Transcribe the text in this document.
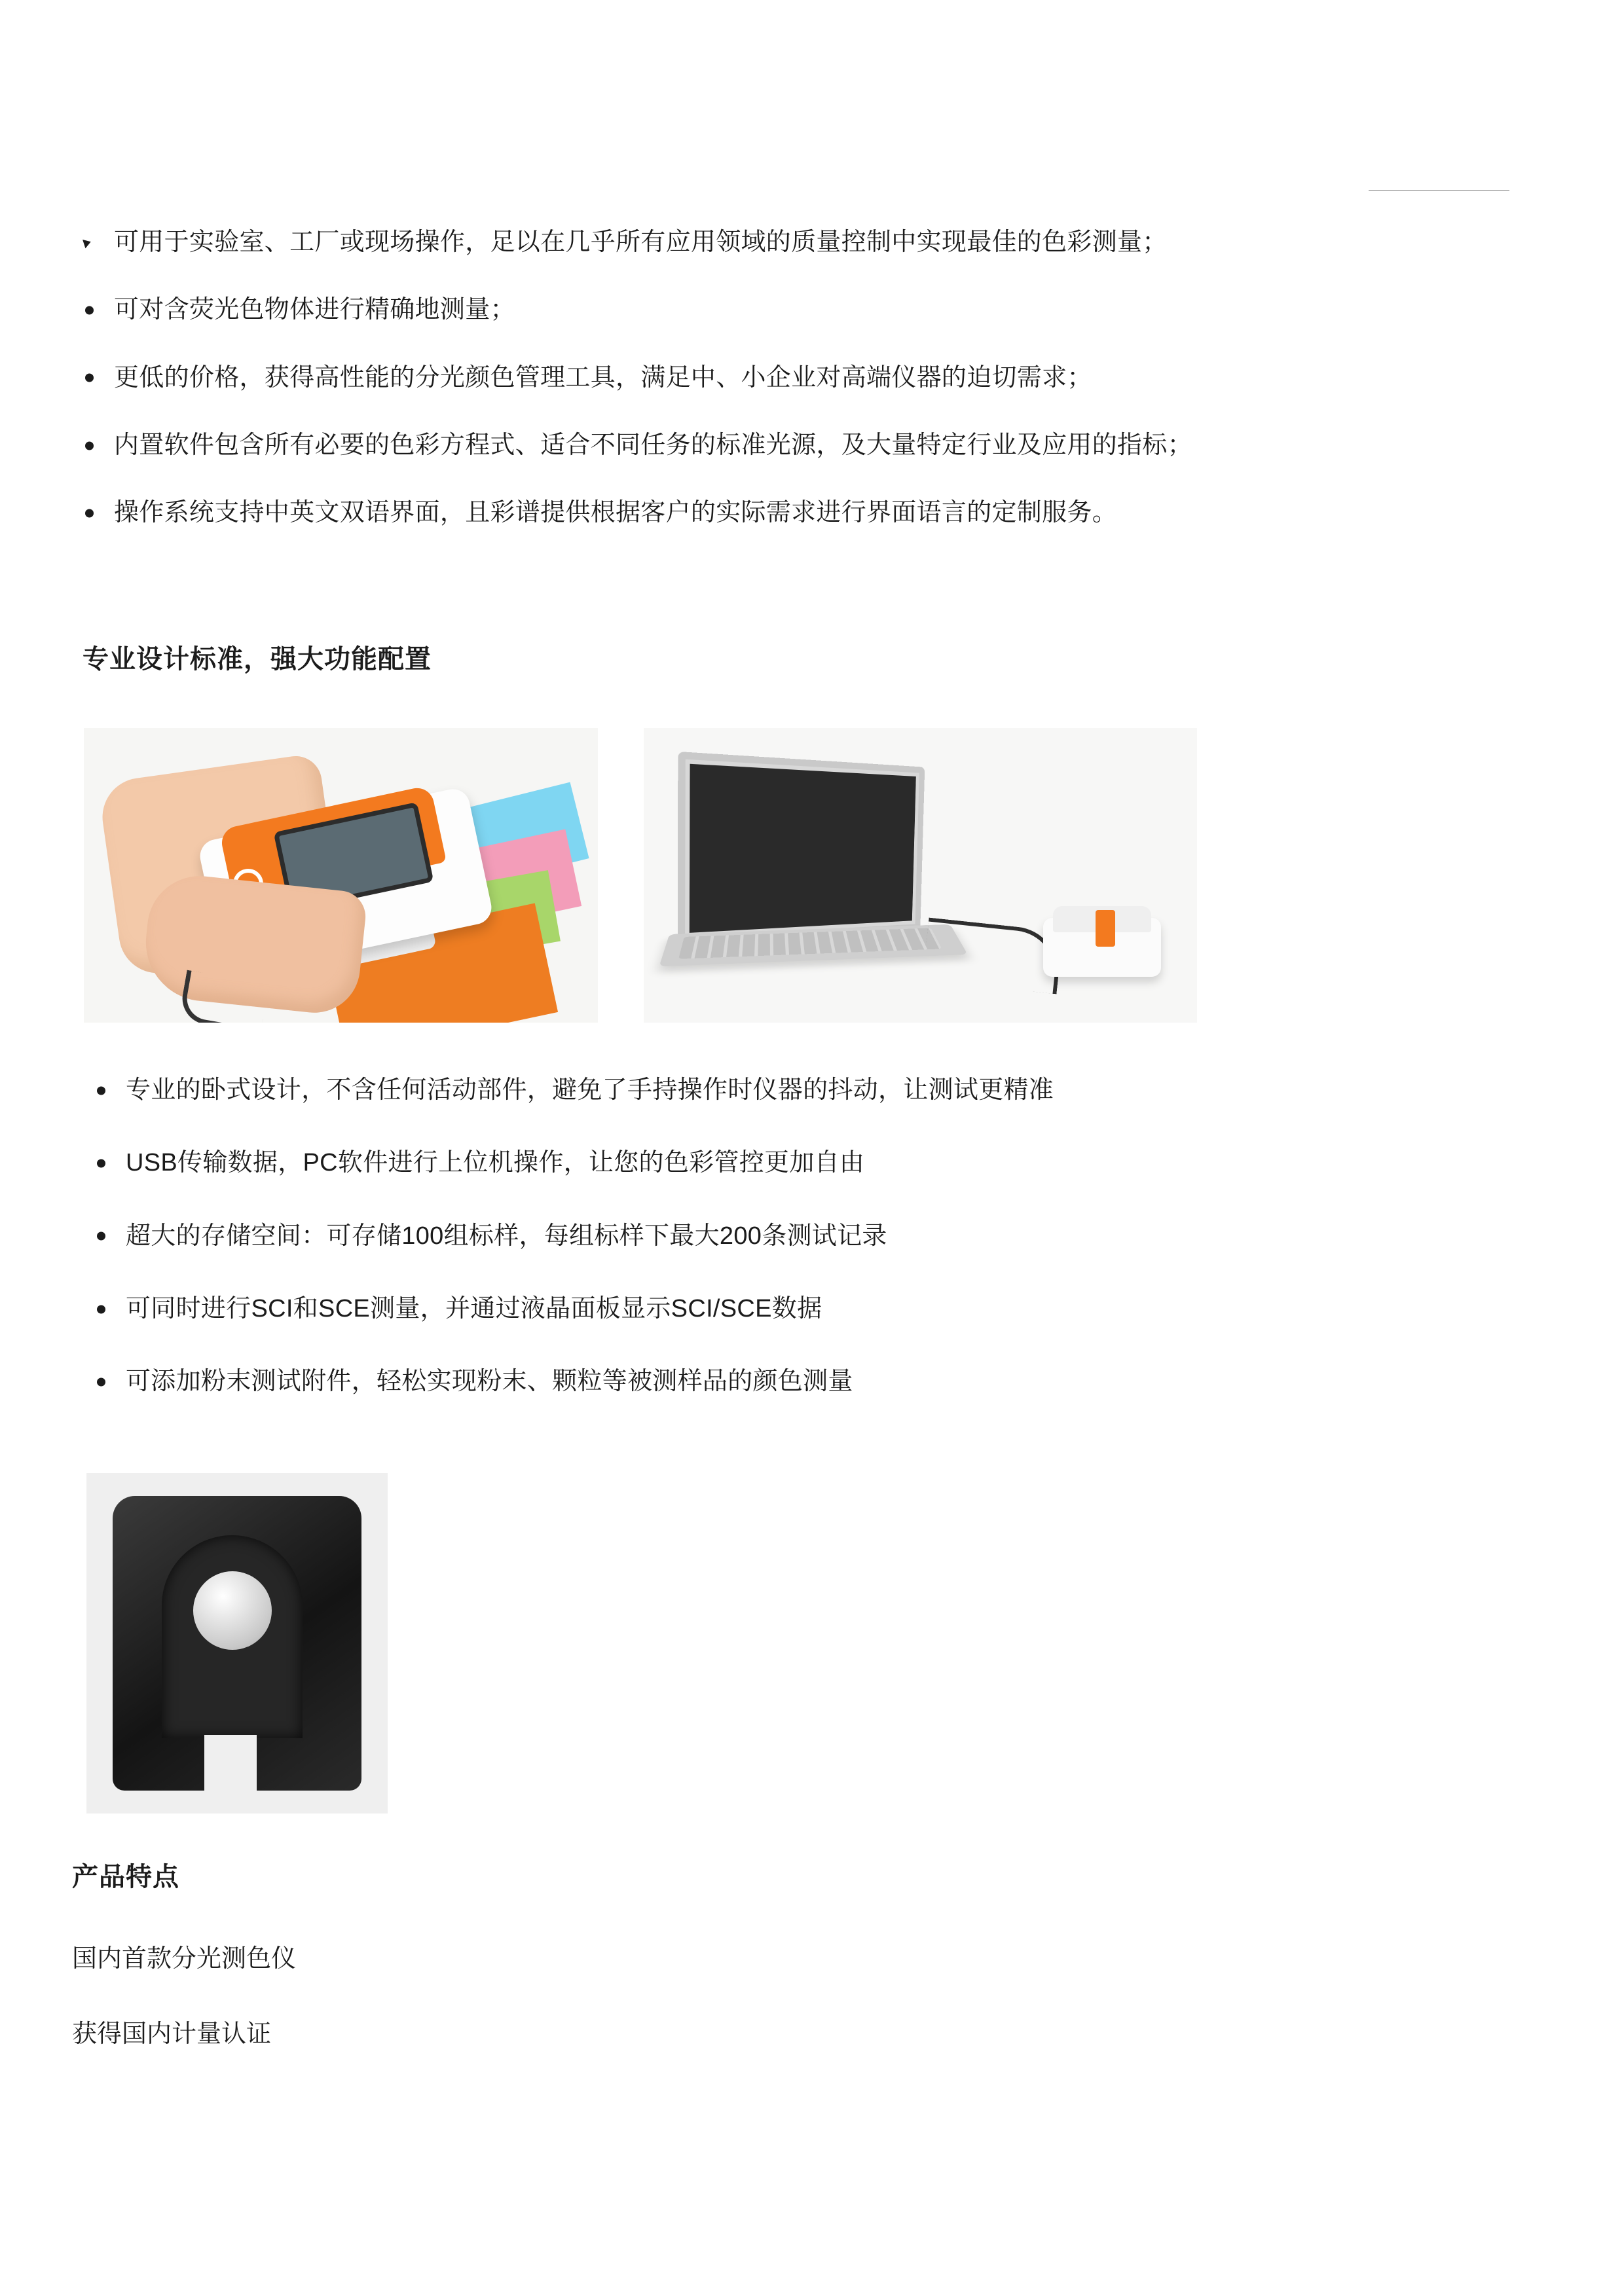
可用于实验室、工厂或现场操作，足以在几乎所有应用领域的质量控制中实现最佳的色彩测量；
可对含荧光色物体进行精确地测量；
更低的价格，获得高性能的分光颜色管理工具，满足中、小企业对高端仪器的迫切需求；
内置软件包含所有必要的色彩方程式、适合不同任务的标准光源，及大量特定行业及应用的指标；
操作系统支持中英文双语界面，且彩谱提供根据客户的实际需求进行界面语言的定制服务。
专业设计标准，强大功能配置
专业的卧式设计，不含任何活动部件，避免了手持操作时仪器的抖动，让测试更精准
USB传输数据，PC软件进行上位机操作，让您的色彩管控更加自由
超大的存储空间：可存储100组标样，每组标样下最大200条测试记录
可同时进行SCI和SCE测量，并通过液晶面板显示SCI/SCE数据
可添加粉末测试附件，轻松实现粉末、颗粒等被测样品的颜色测量
产品特点
国内首款分光测色仪
获得国内计量认证
